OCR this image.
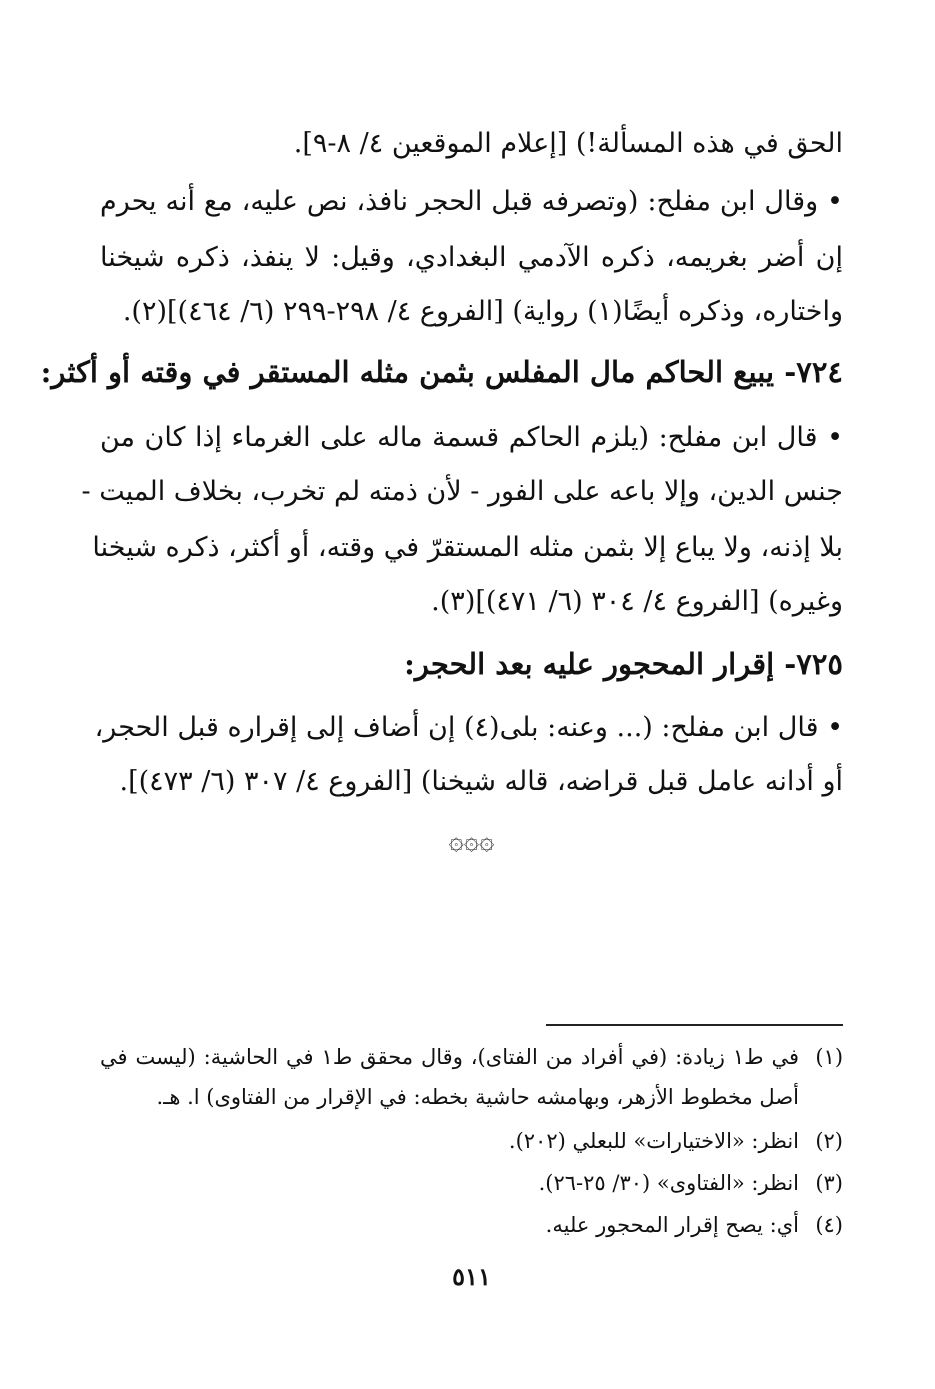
الحق في هذه المسألة!) [إعلام الموقعين ٤/ ٨-٩].
• وقال ابن مفلح: (وتصرفه قبل الحجر نافذ، نص عليه، مع أنه يحرم
إن أضر بغريمه، ذكره الآدمي البغدادي، وقيل: لا ينفذ، ذكره شيخنا
واختاره، وذكره أيضًا(١) رواية) [الفروع ٤/ ٢٩٨-٢٩٩ (٦/ ٤٦٤)](٢).
٧٢٤- يبيع الحاكم مال المفلس بثمن مثله المستقر في وقته أو أكثر:
• قال ابن مفلح: (يلزم الحاكم قسمة ماله على الغرماء إذا كان من
جنس الدين، وإلا باعه على الفور - لأن ذمته لم تخرب، بخلاف الميت -
بلا إذنه، ولا يباع إلا بثمن مثله المستقرّ في وقته، أو أكثر، ذكره شيخنا
وغيره) [الفروع ٤/ ٣٠٤ (٦/ ٤٧١)](٣).
٧٢٥- إقرار المحجور عليه بعد الحجر:
• قال ابن مفلح: (... وعنه: بلى(٤) إن أضاف إلى إقراره قبل الحجر،
أو أدانه عامل قبل قراضه، قاله شيخنا) [الفروع ٤/ ٣٠٧ (٦/ ٤٧٣)].
۞۞۞
(١)في ط١ زيادة: (في أفراد من الفتاى)، وقال محقق ط١ في الحاشية: (ليست في
أصل مخطوط الأزهر، وبهامشه حاشية بخطه: في الإقرار من الفتاوى) ا. هـ.
(٢)انظر: «الاختيارات» للبعلي (٢٠٢).
(٣)انظر: «الفتاوى» (٣٠/ ٢٥-٢٦).
(٤)أي: يصح إقرار المحجور عليه.
٥١١
